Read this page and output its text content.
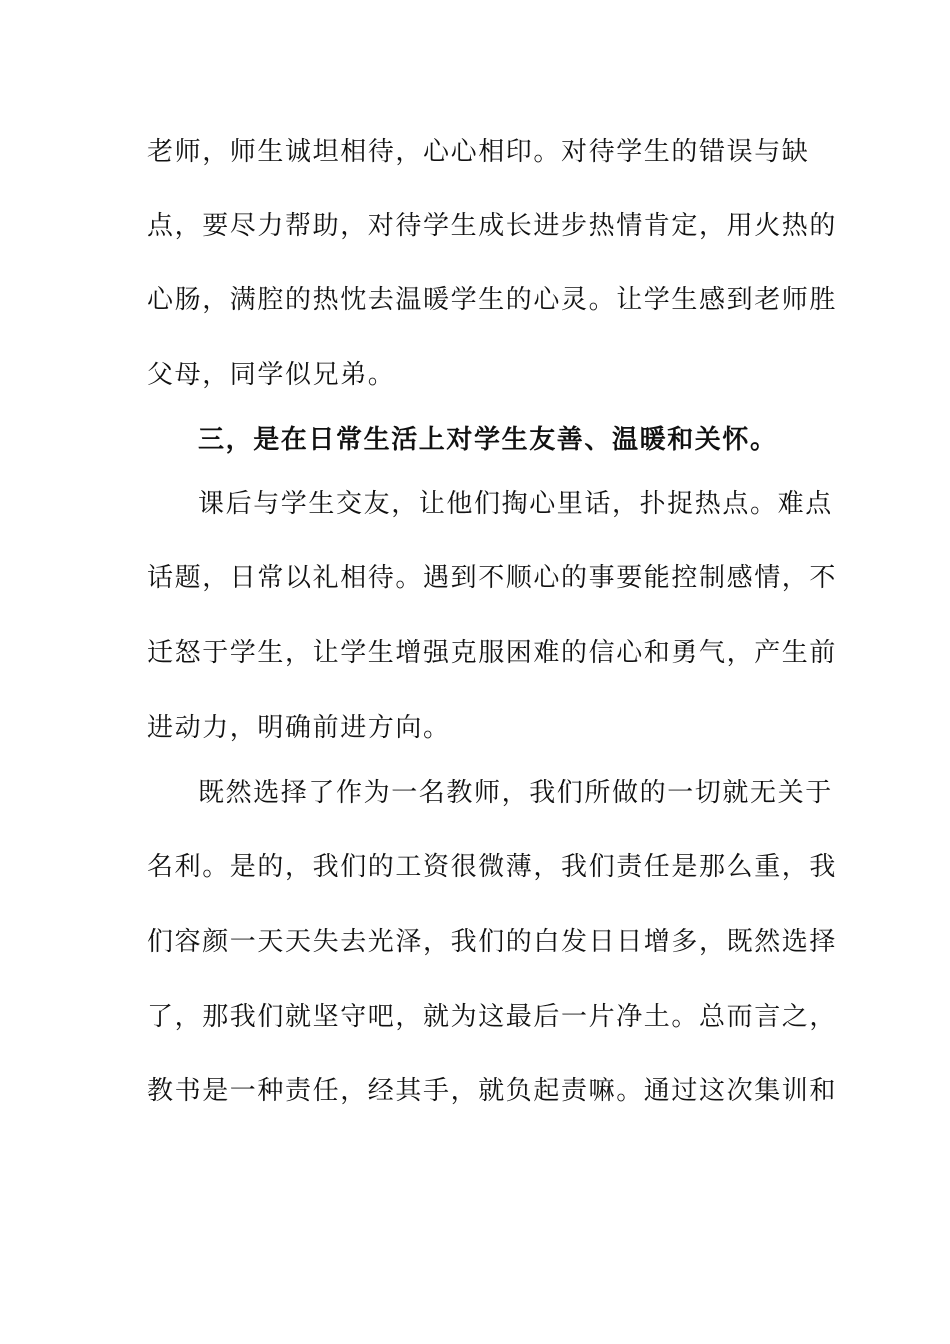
老师，师生诚坦相待，心心相印。对待学生的错误与缺
点，要尽力帮助，对待学生成长进步热情肯定，用火热的
心肠，满腔的热忱去温暖学生的心灵。让学生感到老师胜
父母，同学似兄弟。
三，是在日常生活上对学生友善、温暖和关怀。
课后与学生交友，让他们掏心里话，扑捉热点。难点
话题，日常以礼相待。遇到不顺心的事要能控制感情，不
迁怒于学生，让学生增强克服困难的信心和勇气，产生前
进动力，明确前进方向。
既然选择了作为一名教师，我们所做的一切就无关于
名利。是的，我们的工资很微薄，我们责任是那么重，我
们容颜一天天失去光泽，我们的白发日日增多，既然选择
了，那我们就坚守吧，就为这最后一片净土。总而言之，
教书是一种责任，经其手，就负起责嘛。通过这次集训和
